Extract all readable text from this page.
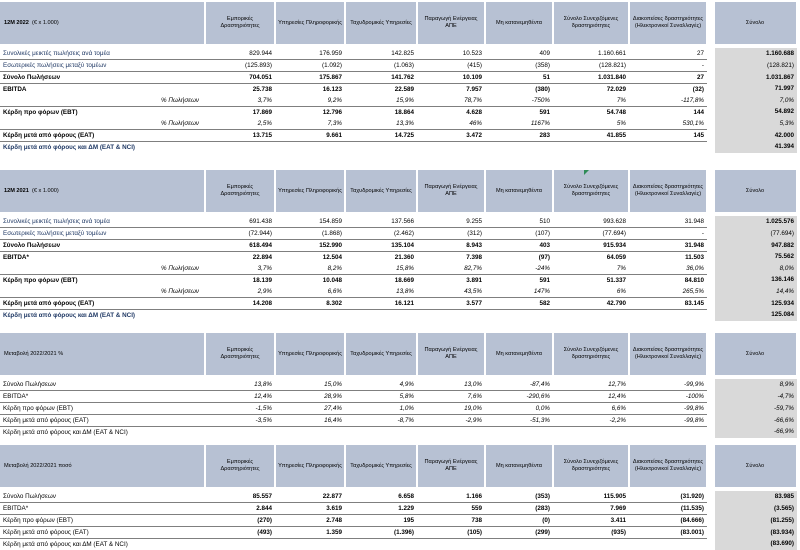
12M 2022 (€ x 1.000)	Εμπορικές Δραστηριότητες	Υπηρεσίες Πληροφορικής	Ταχυδρομικές Υπηρεσίες	Παραγωγή Ενέργειας ΑΠΕ	Μη κατανεμηθέντα	Σύνολο Συνεχιζόμενες δραστηριότητες	Διακοπείσες δραστηριότητες (Ηλεκτρονικοί Συναλλαγές)		Σύνολο

Συνολικές μεικτές πωλήσεις ανά τομέα	829.944	176.959	142.825	10.523	409	1.160.661	27		1.160.688
Εσωτερικές πωλήσεις μεταξύ τομέων	(125.893)	(1.092)	(1.063)	(415)	(358)	(128.821)	-		(128.821)
Σύνολο Πωλήσεων	704.051	175.867	141.762	10.109	51	1.031.840	27		1.031.867
EBITDA	25.738	16.123	22.589	7.957	(380)	72.029	(32)		71.997
% Πωλήσεων	3,7%	9,2%	15,9%	78,7%	-750%	7%	-117,8%		7,0%
Κέρδη προ φόρων (EBT)	17.869	12.796	18.864	4.628	591	54.748	144		54.892
% Πωλήσεων	2,5%	7,3%	13,3%	46%	1167%	5%	530,1%		5,3%
Κέρδη μετά από φόρους (EAT)	13.715	9.661	14.725	3.472	283	41.855	145		42.000
Κέρδη μετά από φόρους και ΔΜ (EAT & NCI)									41.394
12M 2021 (€ x 1.000)	Εμπορικές Δραστηριότητες	Υπηρεσίες Πληροφορικής	Ταχυδρομικές Υπηρεσίες	Παραγωγή Ενέργειας ΑΠΕ	Μη κατανεμηθέντα	Σύνολο Συνεχιζόμενες δραστηριότητες	Διακοπείσες δραστηριότητες (Ηλεκτρονικοί Συναλλαγές)		Σύνολο

Συνολικές μεικτές πωλήσεις ανά τομέα	691.438	154.859	137.566	9.255	510	993.628	31.948		1.025.576
Εσωτερικές πωλήσεις μεταξύ τομέων	(72.944)	(1.868)	(2.462)	(312)	(107)	(77.694)	-		(77.694)
Σύνολο Πωλήσεων	618.494	152.990	135.104	8.943	403	915.934	31.948		947.882
EBITDA*	22.894	12.504	21.360	7.398	(97)	64.059	11.503		75.562
% Πωλήσεων	3,7%	8,2%	15,8%	82,7%	-24%	7%	36,0%		8,0%
Κέρδη προ φόρων (EBT)	18.139	10.048	18.669	3.891	591	51.337	84.810		136.146
% Πωλήσεων	2,9%	6,6%	13,8%	43,5%	147%	6%	265,5%		14,4%
Κέρδη μετά από φόρους (EAT)	14.208	8.302	16.121	3.577	582	42.790	83.145		125.934
Κέρδη μετά από φόρους και ΔΜ (EAT & NCI)									125.084
Μεταβολή 2022/2021 %	Εμπορικές Δραστηριότητες	Υπηρεσίες Πληροφορικής	Ταχυδρομικές Υπηρεσίες	Παραγωγή Ενέργειας ΑΠΕ	Μη κατανεμηθέντα	Σύνολο Συνεχιζόμενες δραστηριότητες	Διακοπείσες δραστηριότητες (Ηλεκτρονικοί Συναλλαγές)		Σύνολο

Σύνολο Πωλήσεων	13,8%	15,0%	4,9%	13,0%	-87,4%	12,7%	-99,9%		8,9%
EBITDA*	12,4%	28,9%	5,8%	7,6%	-290,6%	12,4%	-100%		-4,7%
Κέρδη προ φόρων (EBT)	-1,5%	27,4%	1,0%	19,0%	0,0%	6,6%	-99,8%		-59,7%
Κέρδη μετά από φόρους (EAT)	-3,5%	16,4%	-8,7%	-2,9%	-51,3%	-2,2%	-99,8%		-66,6%
Κέρδη μετά από φόρους και ΔΜ (EAT & NCI)									-66,9%
Μεταβολή 2022/2021 ποσό	Εμπορικές Δραστηριότητες	Υπηρεσίες Πληροφορικής	Ταχυδρομικές Υπηρεσίες	Παραγωγή Ενέργειας ΑΠΕ	Μη κατανεμηθέντα	Σύνολο Συνεχιζόμενες δραστηριότητες	Διακοπείσες δραστηριότητες (Ηλεκτρονικοί Συναλλαγές)		Σύνολο

Σύνολο Πωλήσεων	85.557	22.877	6.658	1.166	(353)	115.905	(31.920)		83.985
EBITDA*	2.844	3.619	1.229	559	(283)	7.969	(11.535)		(3.565)
Κέρδη προ φόρων (EBT)	(270)	2.748	195	738	(0)	3.411	(84.666)		(81.255)
Κέρδη μετά από φόρους (EAT)	(493)	1.359	(1.396)	(105)	(299)	(935)	(83.001)		(83.934)
Κέρδη μετά από φόρους και ΔΜ (EAT & NCI)									(83.690)
